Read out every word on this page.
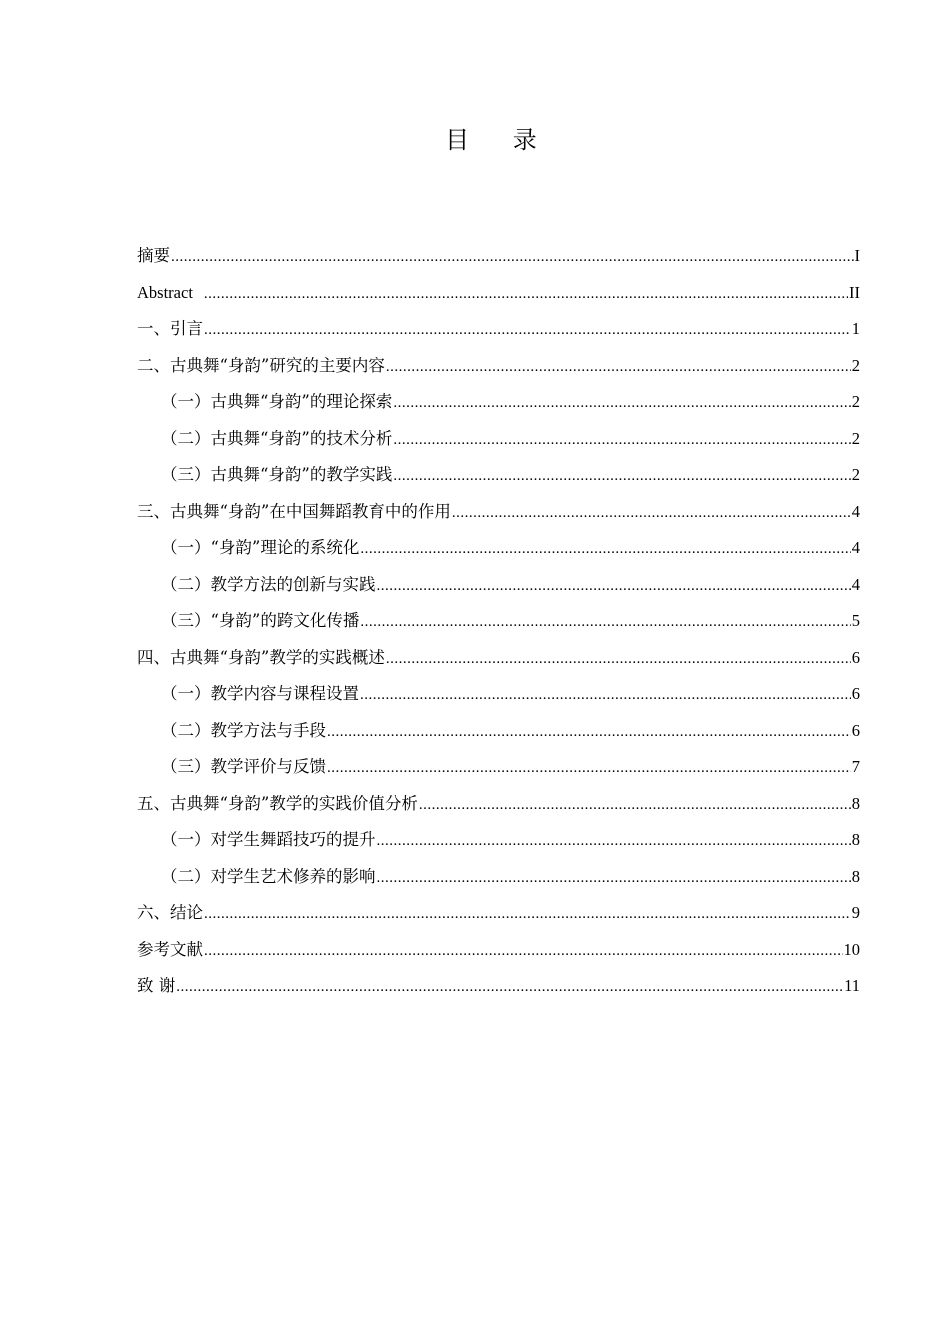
目 录
摘要 .....	I
Abstract .....	II
一、引言 .....	1
二、古典舞“身韵”研究的主要内容 .....	2
（一）古典舞“身韵”的理论探索 .....	2
（二）古典舞“身韵”的技术分析 .....	2
（三）古典舞“身韵”的教学实践 .....	2
三、古典舞“身韵”在中国舞蹈教育中的作用 .....	4
（一）“身韵”理论的系统化 .....	4
（二）教学方法的创新与实践 .....	4
（三）“身韵”的跨文化传播 .....	5
四、古典舞“身韵”教学的实践概述 .....	6
（一）教学内容与课程设置 .....	6
（二）教学方法与手段 .....	6
（三）教学评价与反馈 .....	7
五、古典舞“身韵”教学的实践价值分析 .....	8
（一）对学生舞蹈技巧的提升 .....	8
（二）对学生艺术修养的影响 .....	8
六、结论 .....	9
参考文献 .....	10
致 谢 .....	11
